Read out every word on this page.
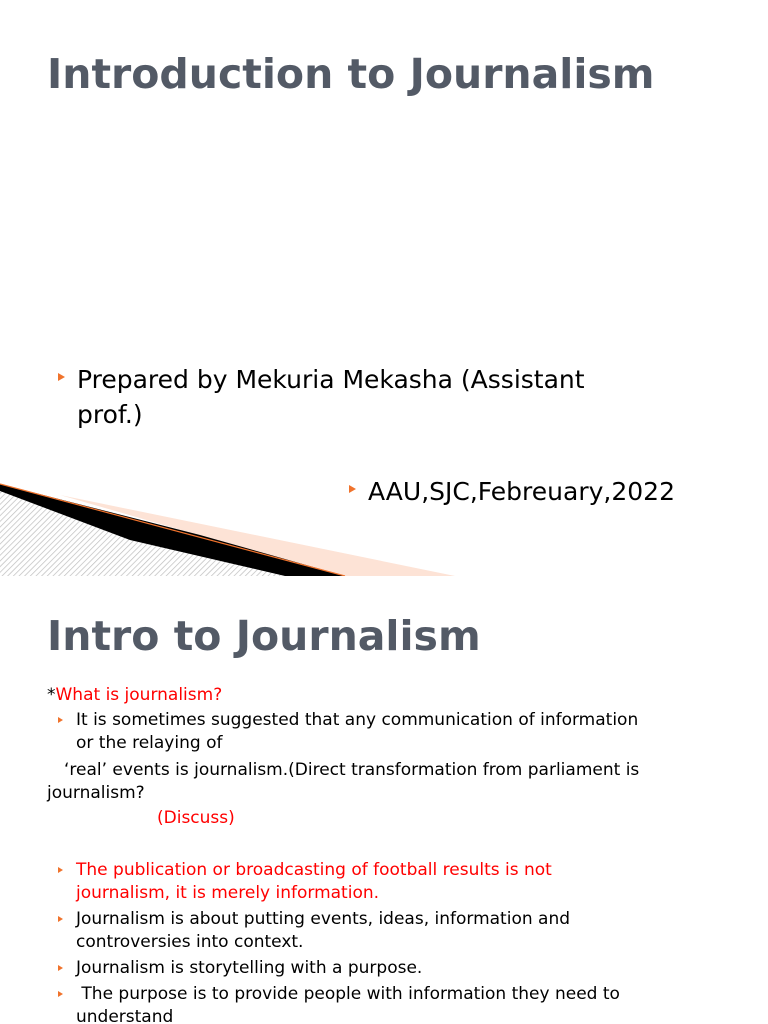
Introduction to Journalism
Prepared by Mekuria Mekasha (Assistant
prof.)
AAU,SJC,Febreuary,2022
Intro to Journalism
*What is journalism?
It is sometimes suggested that any communication of information
or the relaying of
‘real’ events is journalism.(Direct transformation from parliament is
journalism?
(Discuss)
The publication or broadcasting of football results is not
journalism, it is merely information.
Journalism is about putting events, ideas, information and
controversies into context.
Journalism is storytelling with a purpose.
The purpose is to provide people with information they need to
understand
